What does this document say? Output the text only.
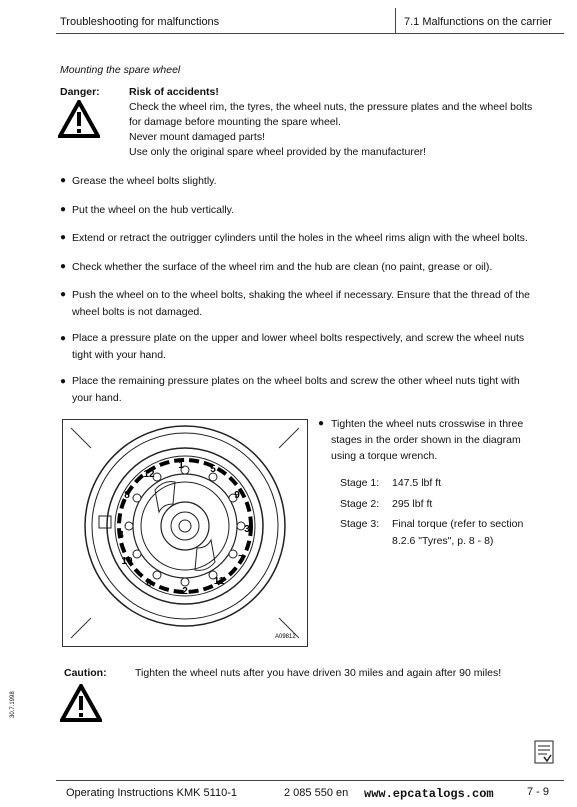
Troubleshooting for malfunctions	7.1 Malfunctions on the carrier
Mounting the spare wheel
Danger:	Risk of accidents!
Check the wheel rim, the tyres, the wheel nuts, the pressure plates and the wheel bolts
for damage before mounting the spare wheel.
Never mount damaged parts!
Use only the original spare wheel provided by the manufacturer!
● Grease the wheel bolts slightly.
● Put the wheel on the hub vertically.
● Extend or retract the outrigger cylinders until the holes in the wheel rims align with the wheel bolts.
● Check whether the surface of the wheel rim and the hub are clean (no paint, grease or oil).
● Push the wheel on to the wheel bolts, shaking the wheel if necessary. Ensure that the thread of the
wheel bolts is not damaged.
● Place a pressure plate on the upper and lower wheel bolts respectively, and screw the wheel nuts
tight with your hand.
● Place the remaining pressure plates on the wheel bolts and screw the other wheel nuts tight with
your hand.
1	5
9
3
7
11
2
6
10
4
8
12
A09812
● Tighten the wheel nuts crosswise in three
stages in the order shown in the diagram
using a torque wrench.
Stage 1: 147.5 lbf ft
Stage 2: 295 lbf ft
Stage 3: Final torque (refer to section
8.2.6 "Tyres", p. 8 - 8)
Caution:	Tighten the wheel nuts after you have driven 30 miles and again after 90 miles!
30.7.1998
Operating Instructions KMK 5110-1	2 085 550 en www.epcatalogs.com	7 - 9
